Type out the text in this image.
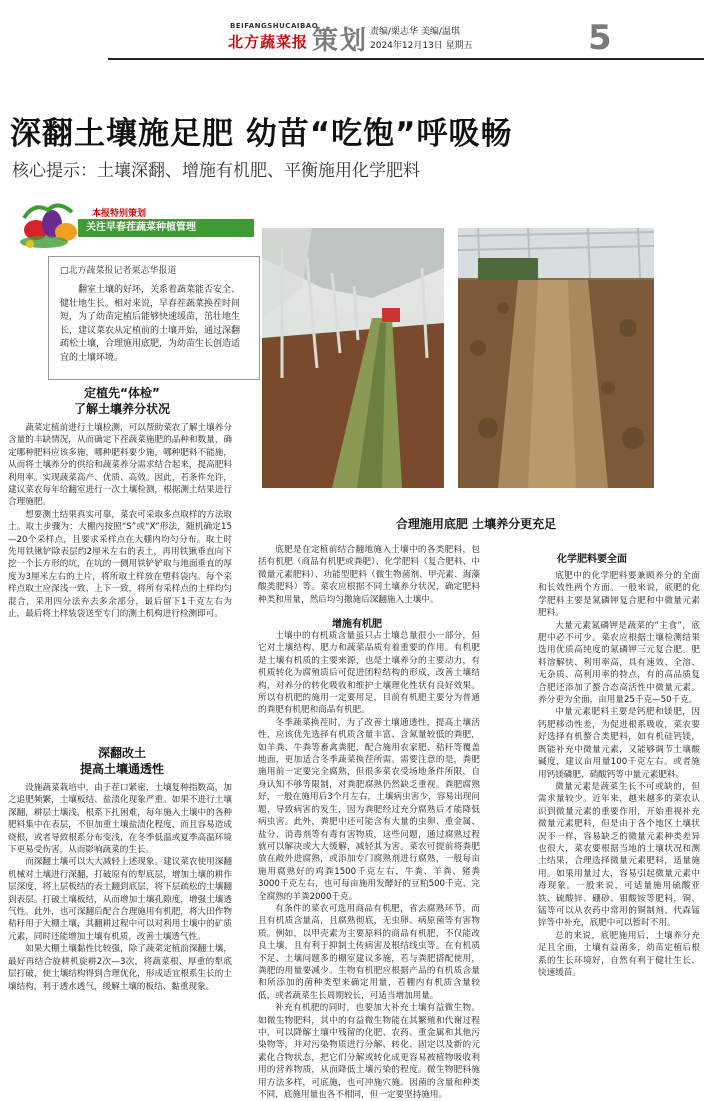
BEIFANGSHUCAIBAO
北方蔬菜报 策划 责编/栗志华 美编/温琪
2024年12月13日 星期五	5
深翻土壤施足肥 幼苗“吃饱”呼吸畅
核心提示：土壤深翻、增施有机肥、平衡施用化学肥料
本报特别策划
关注早春茬蔬菜种植管理
□北方蔬菜报记者栗志华报道
翻室土壤的好坏，关系着蔬菜能否安全、健壮地生长。相对来说，早春茬蔬菜换茬时间短，为了幼苗定植后能够快速缓苗，茁壮地生长，建议菜农从定植前的土壤开始，通过深翻疏松土壤，合理施用底肥，为幼苗生长创造适宜的土壤环境。
定植先“体检”
了解土壤养分状况

蔬菜定植前进行土壤检测，可以帮助菜农了解土壤养分含量的丰缺情况，从而确定下茬蔬菜施肥的品种和数量，确定哪种肥料应该多施，哪种肥料要少施，哪种肥料不能施，从而将土壤养分的供给和蔬菜养分需求结合起来，提高肥料利用率。实现蔬菜高产、优质、高效。因此，若条件允许，建议菜农每年给翻室进行一次土壤检测，根据测土结果进行合理施肥。

想要测土结果真实可靠，菜农可采取多点取样的方法取土。取土步骤为：大棚内按照“S”或“X”形法，随机确定15—20个采样点，且要求采样点在大棚内均匀分布。取土时先用铁锹铲除表层约2厘米左右的表土，再用铁锹垂直向下挖一个长方形的坑，在坑的一侧用铁铲铲取与地面垂直的厚度为3厘米左右的土片，将所取土样放在塑料袋内。每个采样点取土应深浅一致、上下一致，将所有采样点的土样均匀混合，采用四分法弃去多余部分，最后留下1千克左右为止，最后将土样装袋送至专门的测土机构进行检测即可。

深翻改土
提高土壤通透性

设施蔬菜栽培中，由于茬口紧密，土壤复种指数高，加之追肥频繁，土壤板结、盐渍化现象严重。如果不进行土壤深翻，耕层土壤浅，根系下扎困难，每年施入土壤中的各种肥料集中在表层，不但加重土壤盐渍化程度，而且容易造成烧根，或者导致根系分布变浅，在冬季低温或夏季高温环境下更易受伤害，从而影响蔬菜的生长。

而深翻土壤可以大大减轻上述现象。建议菜农使用深翻机械对土壤进行深翻，打破原有的犁底层，增加土壤的耕作层深度，将上层板结的表土翻到底层，将下层疏松的土壤翻到表层。打破土壤板结，从而增加土壤孔隙度，增强土壤透气性。此外，也可深翻后配合合理施用有机肥，将大田作物秸秆用于大棚土壤，其翻耕过程中可以对利用土壤中的矿质元素，同时还能增加土壤有机质，改善土壤透气性。

如果大棚土壤黏性比较强，除了蔬菜定植前深翻土壤，最好再结合旋耕机旋耕2次—3次，将蔬菜根、厚重的犁底层打破，使土壤结构得到合理优化，形成适宜根系生长的土壤结构，利于透水透气，缓解土壤的板结、黏重现象。

合理施用底肥 土壤养分更充足

底肥是在定植前结合翻地施入土壤中的各类肥料，包括有机肥（商品有机肥或粪肥）、化学肥料（复合肥料、中微量元素肥料）、功能型肥料（微生物菌剂、甲壳素、海藻酸类肥料）等。菜农应根据不同土壤养分状况，确定肥料种类和用量，然后均匀撒施后深翻施入土壤中。

增施有机肥

土壤中的有机质含量虽只占土壤总量很小一部分，但它对土壤结构、肥力和蔬菜品质有着重要的作用。有机肥是土壤有机质的主要来源，也是土壤养分的主要动力，有机质转化为腐殖质后可促进团粒结构的形成，改善土壤结构，对养分的转化吸收和维护土壤理化性状有良好效果。所以有机肥的施用一定要用足，目前有机肥主要分为普通的粪肥有机肥和商品有机肥。

冬季蔬菜换茬时，为了改善土壤通透性，提高土壤活性，应该优先选择有机质含量丰富、含氮量较低的粪肥，如羊粪、牛粪等畜禽粪肥，配合施用农家肥、秸秆等覆盖地面，更加适合冬季蔬菜换茬所需。需要注意的是，粪肥施用前一定要完全腐熟，但很多菜农受场地条件所限，自身认知不够等限制，对粪肥腐熟仍然缺乏重视。粪肥腐熟好，一般在施用后3个月左右，土壤病虫害少，容易出现问题，导致病害的发生，因为粪肥经过充分腐熟后才能降低病虫害。此外，粪肥中还可能含有大量的虫卵、重金属、盐分、消毒剂等有毒有害物质，这些问题，通过腐熟过程就可以解决或大大缓解，减轻其为害。菜农可提前将粪肥放在敞外进腐熟，或添加专门腐熟剂进行腐熟，一般每亩施用腐熟好的鸡粪1500千克左右、牛粪、羊粪、猪粪3000千克左右，也可每亩施用发酵好的豆粕500千克、完全腐熟的羊粪2000千克。

有条件的菜农可选用商品有机肥，省去腐熟环节，而且有机质含量高，且腐熟彻底，无虫卵、病原菌等有害物质。例如，以甲壳素为主要原料的商品有机肥，不仅能改良土壤，且有利于抑制土传病害及根结线虫等。在有机质不足、土壤问题多的棚室建议多施，若与粪肥搭配使用，粪肥的用量要减少。生物有机肥应根据产品的有机质含量和所添加的菌种类型来确定用量，若棚内有机质含量较低，或者蔬菜生长周期较长，可适当增加用量。

补充有机肥的同时，也要加大补充土壤有益微生物。如微生物肥料，其中的有益微生物能在其繁殖和代谢过程中，可以降解土壤中残留的化肥、农药、重金属和其他污染物等，并对污染物质进行分解、转化、固定以及新的元素化合物状态，把它们分解或转化成更容易被植物吸收利用的营养物质，从而降低土壤污染的程度。微生物肥料施用方法多样，可底施，也可冲施穴施。因菌的含量和种类不同，底施用量也各不相同，但一定要坚持施用。

化学肥料要全面

底肥中的化学肥料要兼顾养分的全面和长效性两个方面。一般来说，底肥的化学肥料主要是氮磷钾复合肥和中微量元素肥料。

大量元素氮磷钾是蔬菜的“主食”，底肥中必不可少。菜农应根据土壤检测结果选用优质高纯度的氮磷钾三元复合肥。肥料溶解快、利用率高，具有速效、全溶、无杂质、高利用率的特点，有的高品质复合肥还添加了螯合态高活性中微量元素。养分更为全面，亩用量25千克—50千克。

中量元素肥料主要是钙肥和镁肥，因钙肥移动性差，为促进根系吸收，菜农要好选择有机螯合类肥料，如有机硅钙镁，既能补充中微量元素，又能够调节土壤酸碱度，建议亩用量100千克左右。或者施用钙镁磷肥、硝酸钙等中量元素肥料。

微量元素是蔬菜生长不可或缺的，但需求量较少。近年来，越来越多的菜农认识到微量元素的重要作用，开始重视补充微量元素肥料，但是由于各个地区土壤状况不一样，容易缺乏的微量元素种类差异也很大，菜农要根据当地的土壤状况和测土结果，合理选择微量元素肥料，适量施用。如果用量过大，容易引起微量元素中毒现象。一般来说，可适量施用硫酸亚铁、硫酸锌、硼砂、钼酸铵等肥料，铜、锰等可以从农药中常用的铜制剂、代森锰锌等中补充，底肥中可以暂时不用。

总的来说，底肥施用后，土壤养分充足且全面，土壤有益菌多，幼苗定植后根系的生长环境好，自然有利于健壮生长、快速缓苗。
